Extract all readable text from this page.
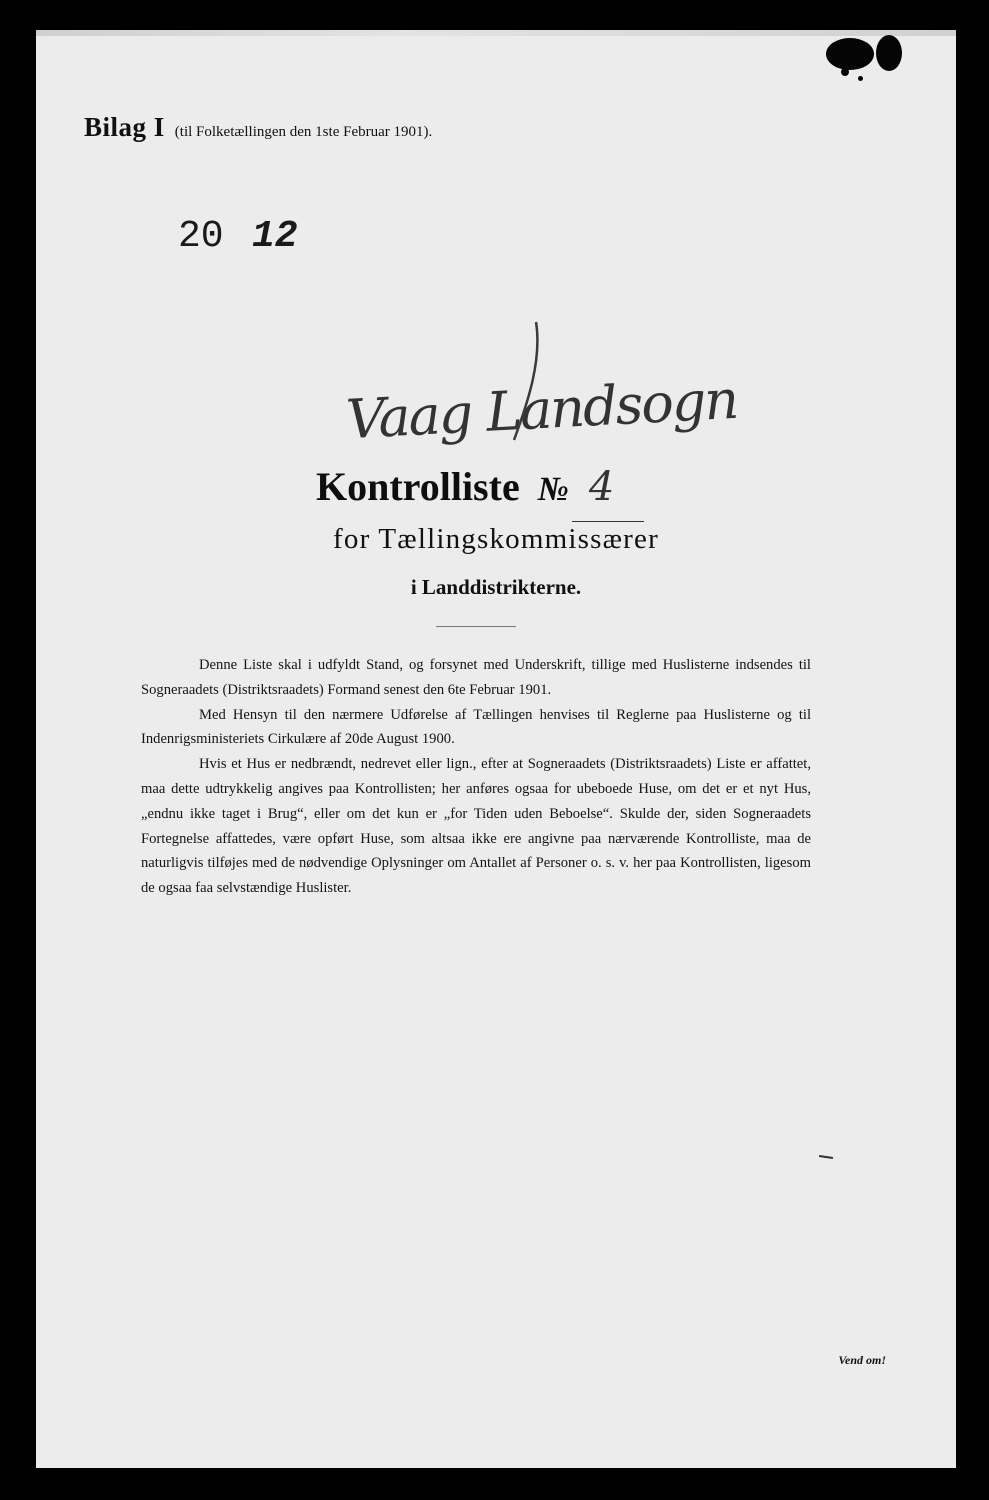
Bilag I (til Folketællingen den 1ste Februar 1901).
20 12
Vaag Landsogn
Kontrolliste № 4
for Tællingskommissærer
i Landdistrikterne.

Denne Liste skal i udfyldt Stand, og forsynet med Underskrift, tillige med Huslisterne indsendes til Sogneraadets (Distriktsraadets) Formand senest den 6te Februar 1901.

Med Hensyn til den nærmere Udførelse af Tællingen henvises til Reglerne paa Huslisterne og til Indenrigsministeriets Cirkulære af 20de August 1900.

Hvis et Hus er nedbrændt, nedrevet eller lign., efter at Sogneraadets (Distriktsraadets) Liste er affattet, maa dette udtrykkelig angives paa Kontrollisten; her anføres ogsaa for ubeboede Huse, om det er et nyt Hus, „endnu ikke taget i Brug“, eller om det kun er „for Tiden uden Beboelse“. Skulde der, siden Sogneraadets Fortegnelse affattedes, være opført Huse, som altsaa ikke ere angivne paa nærværende Kontrolliste, maa de naturligvis tilføjes med de nødvendige Oplysninger om Antallet af Personer o. s. v. her paa Kontrollisten, ligesom de ogsaa faa selvstændige Huslister.

Vend om!
